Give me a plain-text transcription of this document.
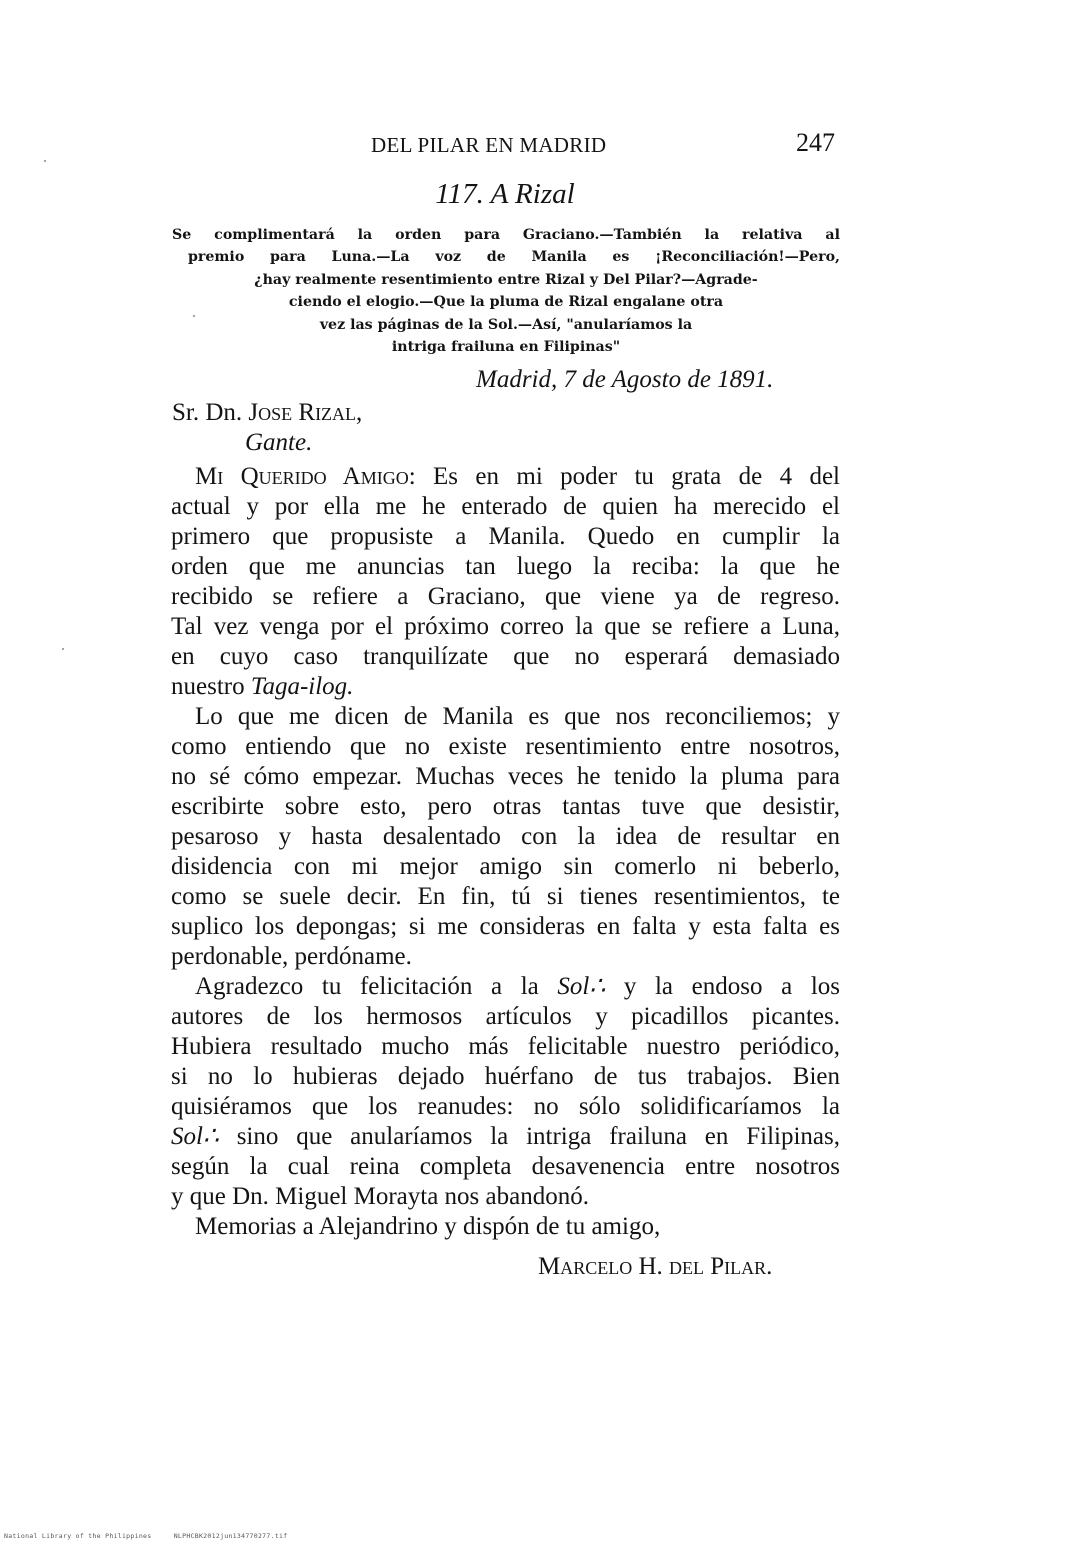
DEL PILAR EN MADRID	247
117. A Rizal
Se complimentará la orden para Graciano.—También la relativa al
premio para Luna.—La voz de Manila es ¡Reconciliación!—Pero,
¿hay realmente resentimiento entre Rizal y Del Pilar?—Agrade-
ciendo el elogio.—Que la pluma de Rizal engalane otra
vez las páginas de la Sol.—Así, "anularíamos la
intriga frailuna en Filipinas"
Madrid, 7 de Agosto de 1891.
Sr. Dn. Jose Rizal,
Gante.
Mi Querido Amigo: Es en mi poder tu grata de 4 del
actual y por ella me he enterado de quien ha merecido el
primero que propusiste a Manila. Quedo en cumplir la
orden que me anuncias tan luego la reciba: la que he
recibido se refiere a Graciano, que viene ya de regreso.
Tal vez venga por el próximo correo la que se refiere a Luna,
en cuyo caso tranquilízate que no esperará demasiado
nuestro Taga-ilog.
Lo que me dicen de Manila es que nos reconciliemos; y
como entiendo que no existe resentimiento entre nosotros,
no sé cómo empezar. Muchas veces he tenido la pluma para
escribirte sobre esto, pero otras tantas tuve que desistir,
pesaroso y hasta desalentado con la idea de resultar en
disidencia con mi mejor amigo sin comerlo ni beberlo,
como se suele decir. En fin, tú si tienes resentimientos, te
suplico los depongas; si me consideras en falta y esta falta es
perdonable, perdóname.
Agradezco tu felicitación a la Sol∴ y la endoso a los
autores de los hermosos artículos y picadillos picantes.
Hubiera resultado mucho más felicitable nuestro periódico,
si no lo hubieras dejado huérfano de tus trabajos. Bien
quisiéramos que los reanudes: no sólo solidificaríamos la
Sol∴ sino que anularíamos la intriga frailuna en Filipinas,
según la cual reina completa desavenencia entre nosotros
y que Dn. Miguel Morayta nos abandonó.
Memorias a Alejandrino y dispón de tu amigo,
Marcelo H. del Pilar.
National Library of the Philippines	NLPHCBK2012jun134770277.tif
